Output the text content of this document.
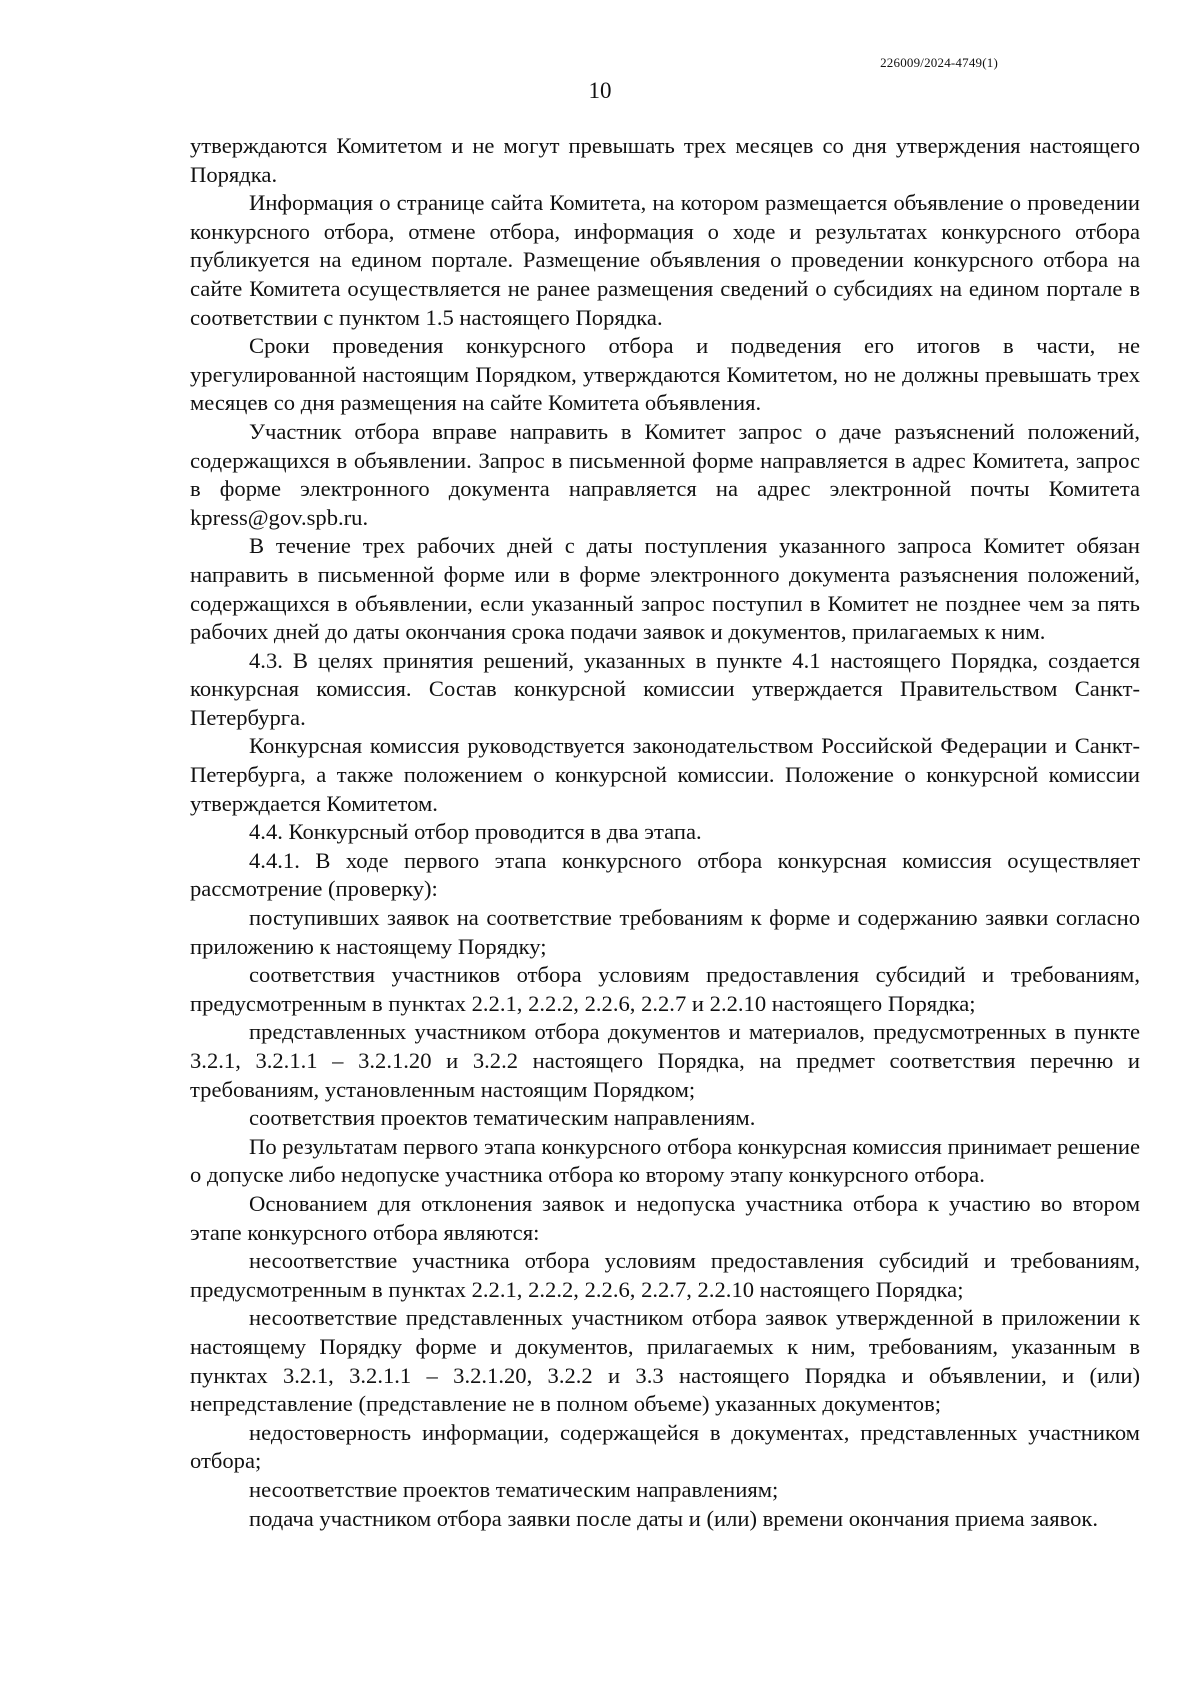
226009/2024-4749(1)
10

утверждаются Комитетом и не могут превышать трех месяцев со дня утверждения настоящего Порядка.

Информация о странице сайта Комитета, на котором размещается объявление о проведении конкурсного отбора, отмене отбора, информация о ходе и результатах конкурсного отбора публикуется на едином портале. Размещение объявления о проведении конкурсного отбора на сайте Комитета осуществляется не ранее размещения сведений о субсидиях на едином портале в соответствии с пунктом 1.5 настоящего Порядка.

Сроки проведения конкурсного отбора и подведения его итогов в части, не урегулированной настоящим Порядком, утверждаются Комитетом, но не должны превышать трех месяцев со дня размещения на сайте Комитета объявления.

Участник отбора вправе направить в Комитет запрос о даче разъяснений положений, содержащихся в объявлении. Запрос в письменной форме направляется в адрес Комитета, запрос в форме электронного документа направляется на адрес электронной почты Комитета kpress@gov.spb.ru.

В течение трех рабочих дней с даты поступления указанного запроса Комитет обязан направить в письменной форме или в форме электронного документа разъяснения положений, содержащихся в объявлении, если указанный запрос поступил в Комитет не позднее чем за пять рабочих дней до даты окончания срока подачи заявок и документов, прилагаемых к ним.

4.3. В целях принятия решений, указанных в пункте 4.1 настоящего Порядка, создается конкурсная комиссия. Состав конкурсной комиссии утверждается Правительством Санкт-Петербурга.

Конкурсная комиссия руководствуется законодательством Российской Федерации и Санкт-Петербурга, а также положением о конкурсной комиссии. Положение о конкурсной комиссии утверждается Комитетом.

4.4. Конкурсный отбор проводится в два этапа.

4.4.1. В ходе первого этапа конкурсного отбора конкурсная комиссия осуществляет рассмотрение (проверку):

поступивших заявок на соответствие требованиям к форме и содержанию заявки согласно приложению к настоящему Порядку;

соответствия участников отбора условиям предоставления субсидий и требованиям, предусмотренным в пунктах 2.2.1, 2.2.2, 2.2.6, 2.2.7 и 2.2.10 настоящего Порядка;

представленных участником отбора документов и материалов, предусмотренных в пункте 3.2.1, 3.2.1.1 – 3.2.1.20 и 3.2.2 настоящего Порядка, на предмет соответствия перечню и требованиям, установленным настоящим Порядком;

соответствия проектов тематическим направлениям.

По результатам первого этапа конкурсного отбора конкурсная комиссия принимает решение о допуске либо недопуске участника отбора ко второму этапу конкурсного отбора.

Основанием для отклонения заявок и недопуска участника отбора к участию во втором этапе конкурсного отбора являются:

несоответствие участника отбора условиям предоставления субсидий и требованиям, предусмотренным в пунктах 2.2.1, 2.2.2, 2.2.6, 2.2.7, 2.2.10 настоящего Порядка;

несоответствие представленных участником отбора заявок утвержденной в приложении к настоящему Порядку форме и документов, прилагаемых к ним, требованиям, указанным в пунктах 3.2.1, 3.2.1.1 – 3.2.1.20, 3.2.2 и 3.3 настоящего Порядка и объявлении, и (или) непредставление (представление не в полном объеме) указанных документов;

недостоверность информации, содержащейся в документах, представленных участником отбора;

несоответствие проектов тематическим направлениям;

подача участником отбора заявки после даты и (или) времени окончания приема заявок.
